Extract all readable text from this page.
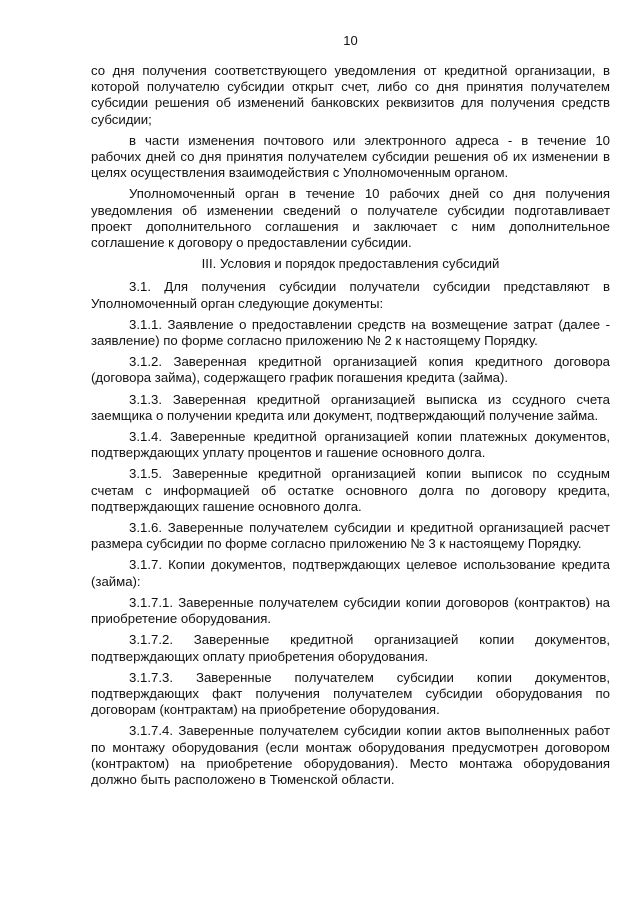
10

со дня получения соответствующего уведомления от кредитной организации, в которой получателю субсидии открыт счет, либо со дня принятия получателем субсидии решения об изменений банковских реквизитов для получения средств субсидии;

в части изменения почтового или электронного адреса - в течение 10 рабочих дней со дня принятия получателем субсидии решения об их изменении в целях осуществления взаимодействия с Уполномоченным органом.

Уполномоченный орган в течение 10 рабочих дней со дня получения уведомления об изменении сведений о получателе субсидии подготавливает проект дополнительного соглашения и заключает с ним дополнительное соглашение к договору о предоставлении субсидии.

III. Условия и порядок предоставления субсидий

3.1. Для получения субсидии получатели субсидии представляют в Уполномоченный орган следующие документы:

3.1.1. Заявление о предоставлении средств на возмещение затрат (далее - заявление) по форме согласно приложению № 2 к настоящему Порядку.

3.1.2. Заверенная кредитной организацией копия кредитного договора (договора займа), содержащего график погашения кредита (займа).

3.1.3. Заверенная кредитной организацией выписка из ссудного счета заемщика о получении кредита или документ, подтверждающий получение займа.

3.1.4. Заверенные кредитной организацией копии платежных документов, подтверждающих уплату процентов и гашение основного долга.

3.1.5. Заверенные кредитной организацией копии выписок по ссудным счетам с информацией об остатке основного долга по договору кредита, подтверждающих гашение основного долга.

3.1.6. Заверенные получателем субсидии и кредитной организацией расчет размера субсидии по форме согласно приложению № 3 к настоящему Порядку.

3.1.7. Копии документов, подтверждающих целевое использование кредита (займа):

3.1.7.1. Заверенные получателем субсидии копии договоров (контрактов) на приобретение оборудования.

3.1.7.2. Заверенные кредитной организацией копии документов, подтверждающих оплату приобретения оборудования.

3.1.7.3. Заверенные получателем субсидии копии документов, подтверждающих факт получения получателем субсидии оборудования по договорам (контрактам) на приобретение оборудования.

3.1.7.4. Заверенные получателем субсидии копии актов выполненных работ по монтажу оборудования (если монтаж оборудования предусмотрен договором (контрактом) на приобретение оборудования). Место монтажа оборудования должно быть расположено в Тюменской области.
